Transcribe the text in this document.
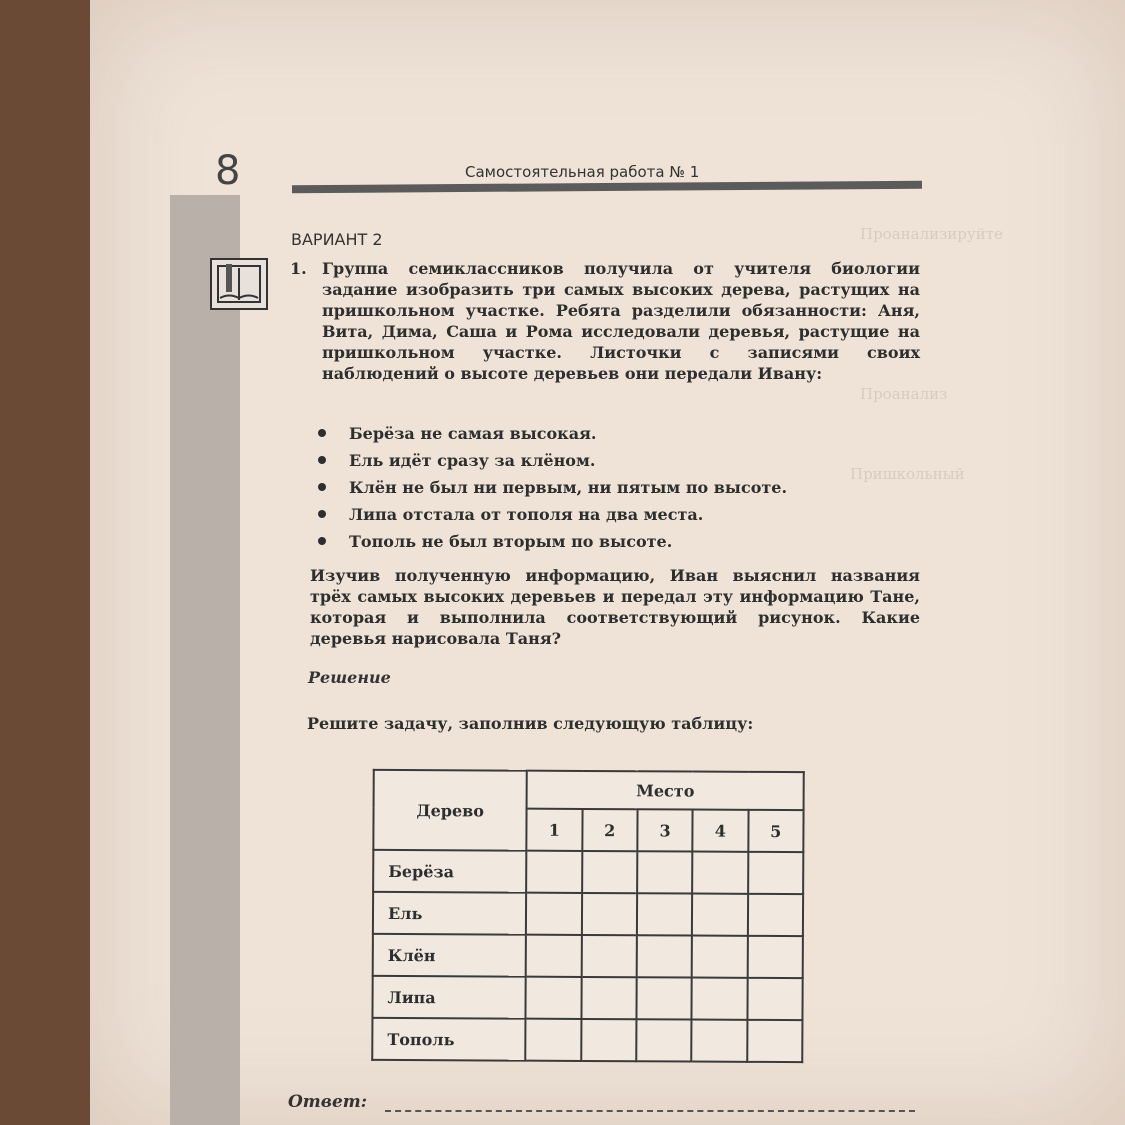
Проанализируйте
Проанализ
Пришкольный
8	Самостоятельная работа № 1
ВАРИАНТ 2
1. Группа семиклассников получила от учителя биологии задание изобразить три самых высоких дерева, растущих на пришкольном участке. Ребята разделили обязанности: Аня, Вита, Дима, Саша и Рома исследовали деревья, растущие на пришкольном участке. Листочки с записями своих наблюдений о высоте деревьев они передали Ивану:
Берёза не самая высокая.
Ель идёт сразу за клёном.
Клён не был ни первым, ни пятым по высоте.
Липа отстала от тополя на два места.
Тополь не был вторым по высоте.
Изучив полученную информацию, Иван выяснил названия трёх самых высоких деревьев и передал эту информацию Тане, которая и выполнила соответствующий рисунок. Какие деревья нарисовала Таня?
Решение
Решите задачу, заполнив следующую таблицу:
Дерево	Место				
	1	2	3	4	5
Берёза					
Ель					
Клён					
Липа					
Тополь					
Ответ:
